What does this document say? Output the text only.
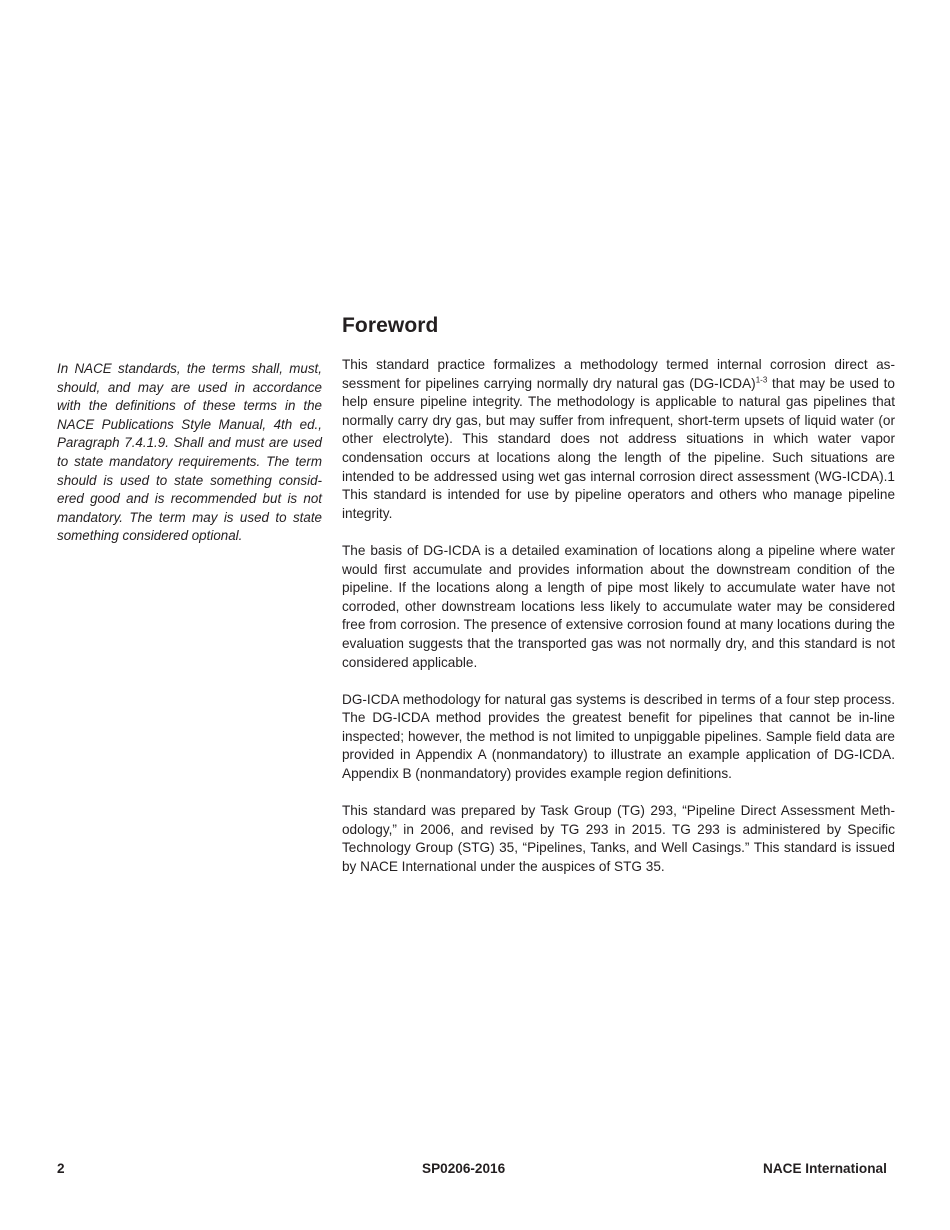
In NACE standards, the terms shall, must, should, and may are used in accordance with the definitions of these terms in the NACE Publications Style Manual, 4th ed., Paragraph 7.4.1.9. Shall and must are used to state mandatory requirements. The term should is used to state something considered good and is recommended but is not mandatory. The term may is used to state something considered optional.
Foreword

This standard practice formalizes a methodology termed internal corrosion direct assessment for pipelines carrying normally dry natural gas (DG-ICDA)$^{1-3}$ that may be used to help ensure pipeline integrity. The methodology is applicable to natural gas pipelines that normally carry dry gas, but may suffer from infrequent, short-term upsets of liquid water (or other electrolyte). This standard does not address situations in which water vapor condensation occurs at locations along the length of the pipeline. Such situations are intended to be addressed using wet gas internal corrosion direct assessment (WG-ICDA).1 This standard is intended for use by pipeline operators and others who manage pipeline integrity.

The basis of DG-ICDA is a detailed examination of locations along a pipeline where water would first accumulate and provides information about the downstream condition of the pipeline. If the locations along a length of pipe most likely to accumulate water have not corroded, other downstream locations less likely to accumulate water may be considered free from corrosion. The presence of extensive corrosion found at many locations during the evaluation suggests that the transported gas was not normally dry, and this standard is not considered applicable.

DG-ICDA methodology for natural gas systems is described in terms of a four step process. The DG-ICDA method provides the greatest benefit for pipelines that cannot be in-line inspected; however, the method is not limited to unpiggable pipelines. Sample field data are provided in Appendix A (nonmandatory) to illustrate an example application of DG-ICDA. Appendix B (nonmandatory) provides example region definitions.

This standard was prepared by Task Group (TG) 293, “Pipeline Direct Assessment Methodology,” in 2006, and revised by TG 293 in 2015. TG 293 is administered by Specific Technology Group (STG) 35, “Pipelines, Tanks, and Well Casings.” This standard is issued by NACE International under the auspices of STG 35.

2	SP0206-2016	NACE International
